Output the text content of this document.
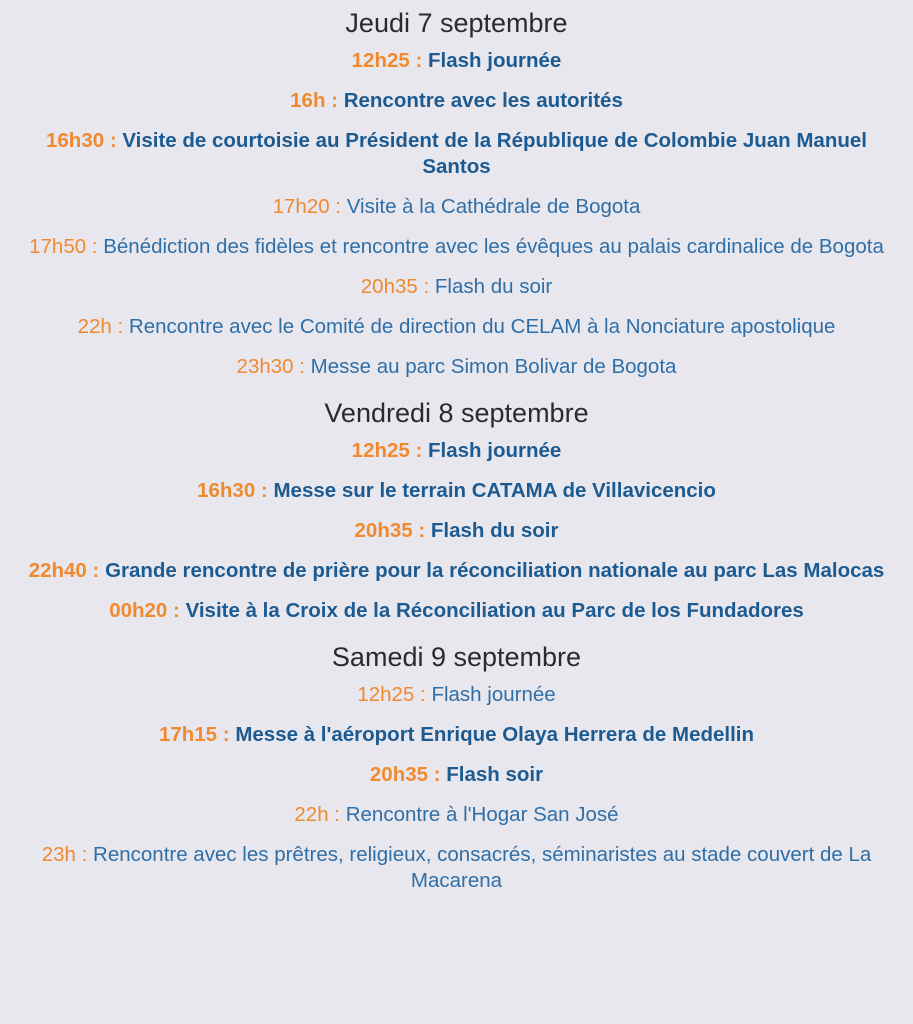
Jeudi 7 septembre
12h25 : Flash journée
16h : Rencontre avec les autorités
16h30 : Visite de courtoisie au Président de la République de Colombie Juan Manuel Santos
17h20 : Visite à la Cathédrale de Bogota
17h50 : Bénédiction des fidèles et rencontre avec les évêques au palais cardinalice de Bogota
20h35 : Flash du soir
22h : Rencontre avec le Comité de direction du CELAM à la Nonciature apostolique
23h30 : Messe au parc Simon Bolivar de Bogota
Vendredi 8 septembre
12h25 : Flash journée
16h30 : Messe sur le terrain CATAMA de Villavicencio
20h35 : Flash du soir
22h40 : Grande rencontre de prière pour la réconciliation nationale au parc Las Malocas
00h20 : Visite à la Croix de la Réconciliation au Parc de los Fundadores
Samedi 9 septembre
12h25 : Flash journée
17h15 : Messe à l'aéroport Enrique Olaya Herrera de Medellin
20h35 : Flash soir
22h : Rencontre à l'Hogar San José
23h : Rencontre avec les prêtres, religieux, consacrés, séminaristes au stade couvert de La Macarena
